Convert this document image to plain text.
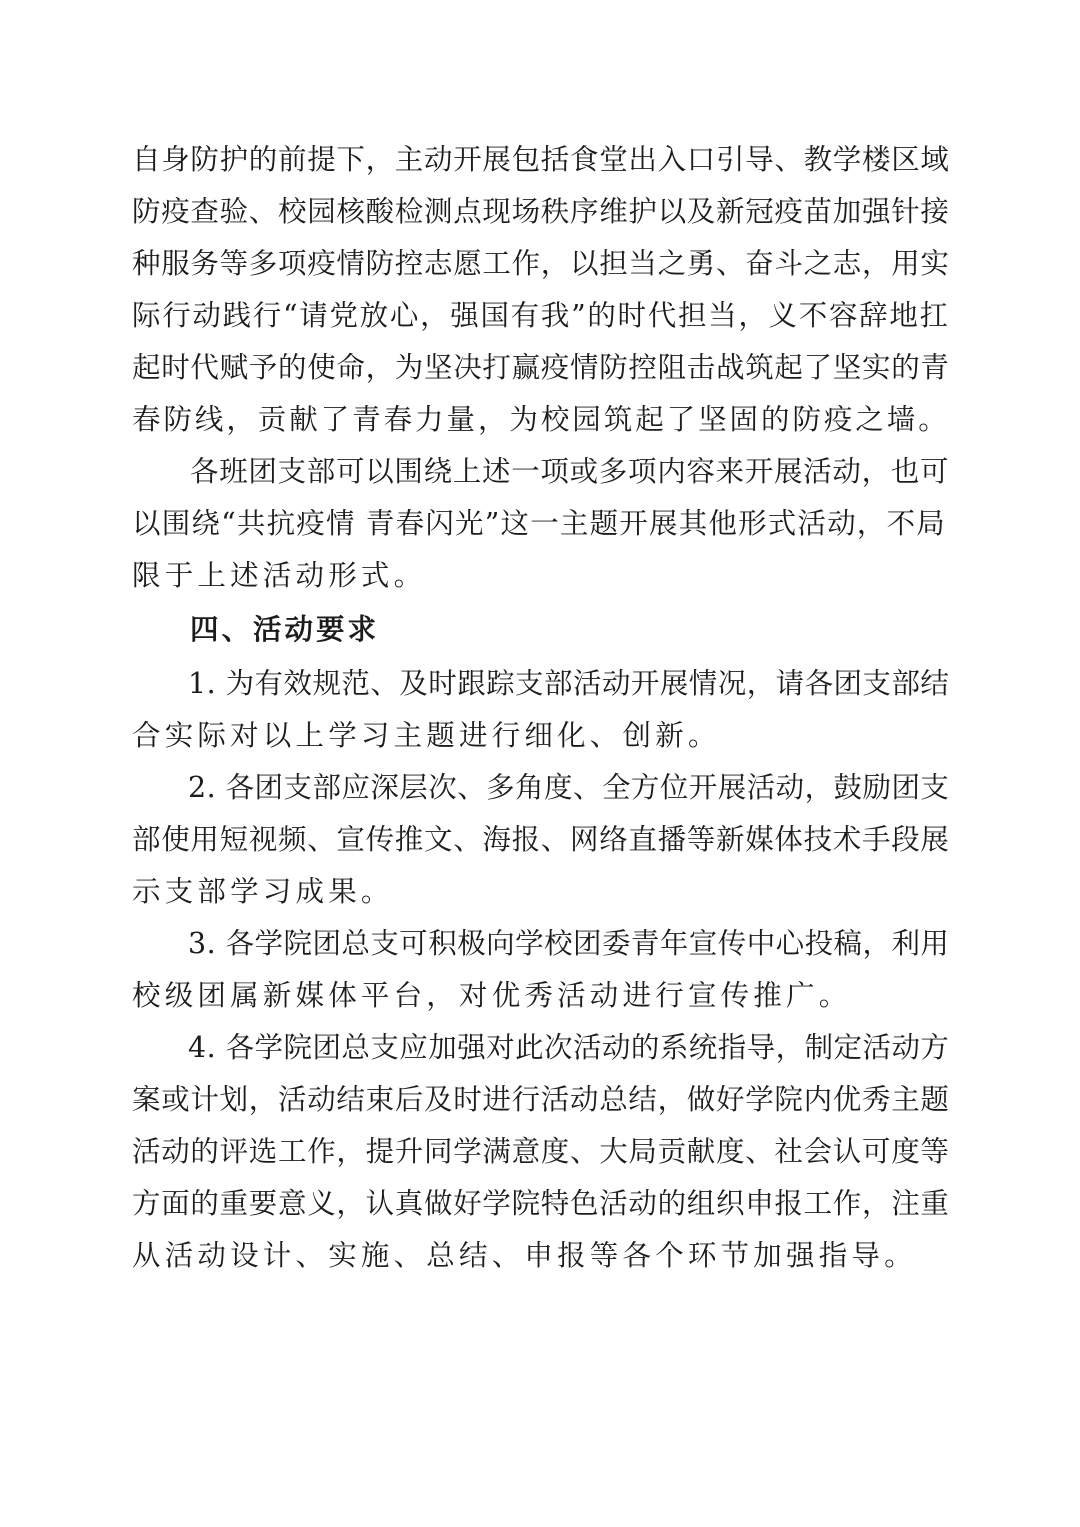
自身防护的前提下，主动开展包括食堂出入口引导、教学楼区域
防疫查验、校园核酸检测点现场秩序维护以及新冠疫苗加强针接
种服务等多项疫情防控志愿工作，以担当之勇、奋斗之志，用实
际行动践行“请党放心，强国有我”的时代担当，义不容辞地扛
起时代赋予的使命，为坚决打赢疫情防控阻击战筑起了坚实的青
春防线，贡献了青春力量，为校园筑起了坚固的防疫之墙。
各班团支部可以围绕上述一项或多项内容来开展活动，也可
以围绕“共抗疫情 青春闪光”这一主题开展其他形式活动，不局
限于上述活动形式。
四、活动要求
1. 为有效规范、及时跟踪支部活动开展情况，请各团支部结
合实际对以上学习主题进行细化、创新。
2. 各团支部应深层次、多角度、全方位开展活动，鼓励团支
部使用短视频、宣传推文、海报、网络直播等新媒体技术手段展
示支部学习成果。
3. 各学院团总支可积极向学校团委青年宣传中心投稿，利用
校级团属新媒体平台，对优秀活动进行宣传推广。
4. 各学院团总支应加强对此次活动的系统指导，制定活动方
案或计划，活动结束后及时进行活动总结，做好学院内优秀主题
活动的评选工作，提升同学满意度、大局贡献度、社会认可度等
方面的重要意义，认真做好学院特色活动的组织申报工作，注重
从活动设计、实施、总结、申报等各个环节加强指导。
